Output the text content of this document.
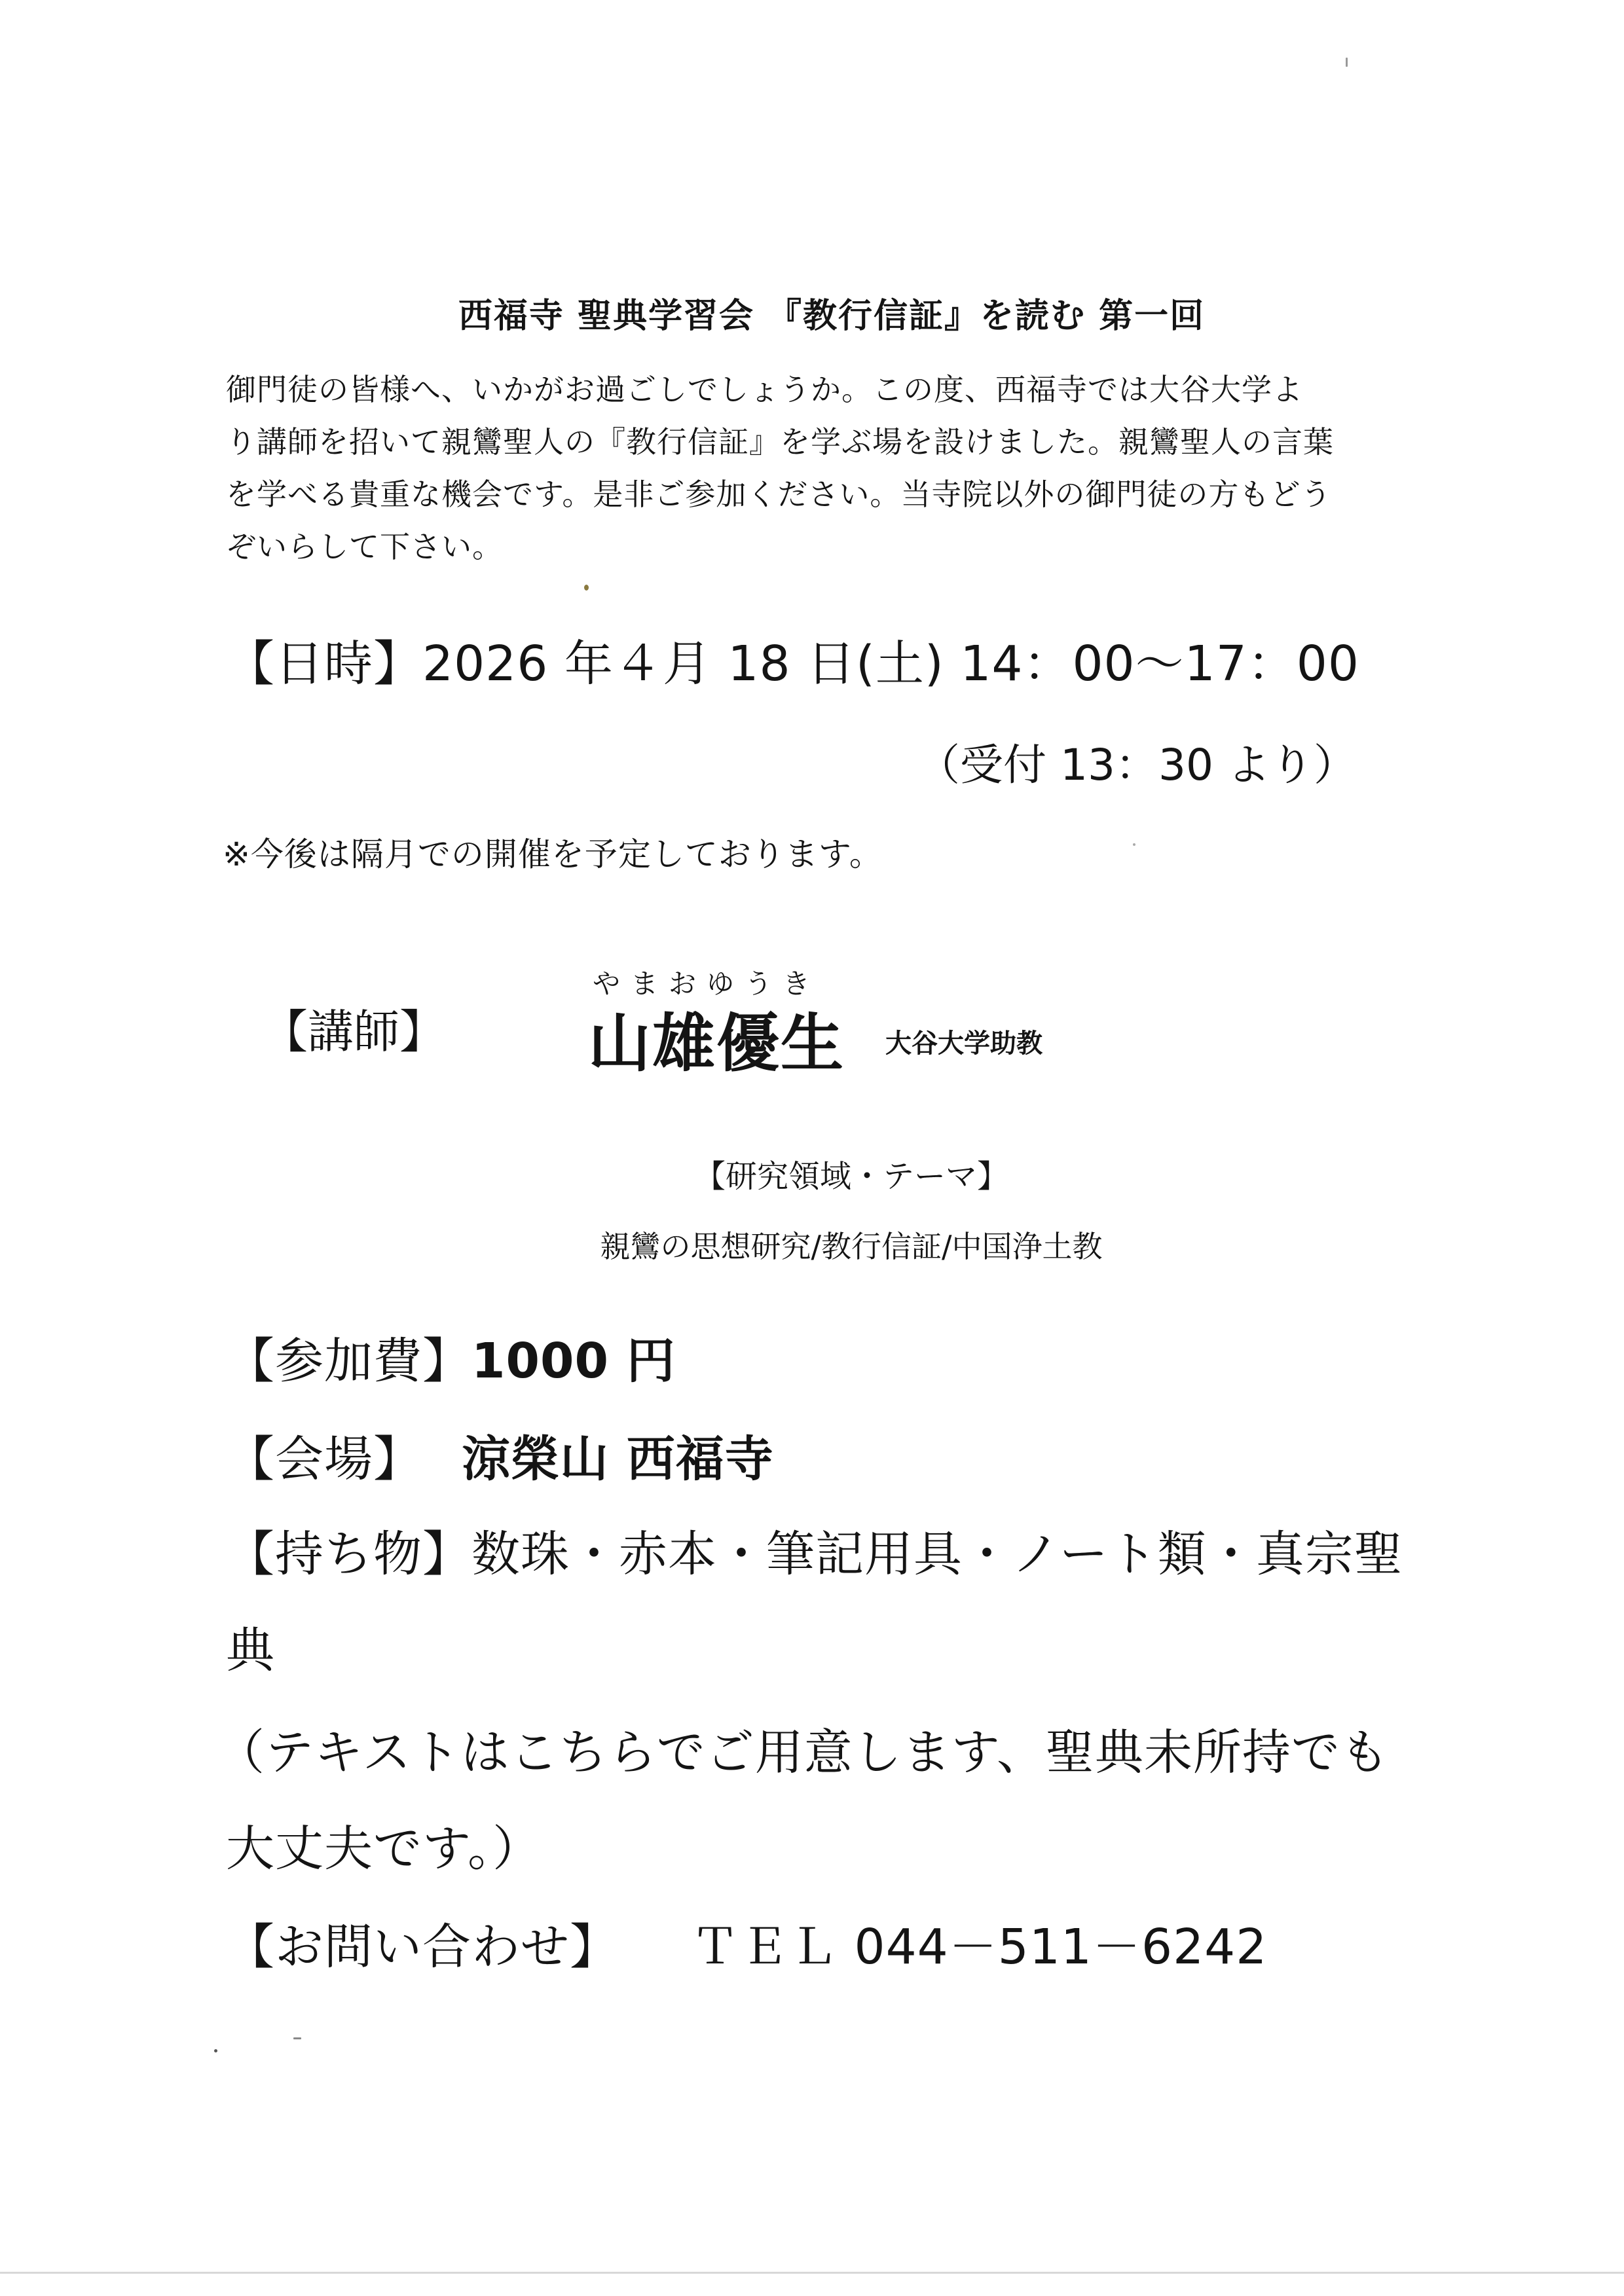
西福寺 聖典学習会 『教行信証』を読む 第一回
御門徒の皆様へ、いかがお過ごしでしょうか。この度、西福寺では大谷大学よ
り講師を招いて親鸞聖人の『教行信証』を学ぶ場を設けました。親鸞聖人の言葉
を学べる貴重な機会です。是非ご参加ください。当寺院以外の御門徒の方もどう
ぞいらして下さい。
【日時】2026 年４月 18 日(土) 14：00～17：00
（受付 13：30 より）
※今後は隔月での開催を予定しております。
【講師】
やまおゆうき
山雄優生 大谷大学助教
【研究領域・テーマ】
親鸞の思想研究/教行信証/中国浄土教
【参加費】1000 円
【会場】 涼榮山 西福寺
【持ち物】数珠・赤本・筆記用具・ノート類・真宗聖
典
（テキストはこちらでご用意します、聖典未所持でも
大丈夫です。）
【お問い合わせ】 ＴＥＬ 044－511－6242
